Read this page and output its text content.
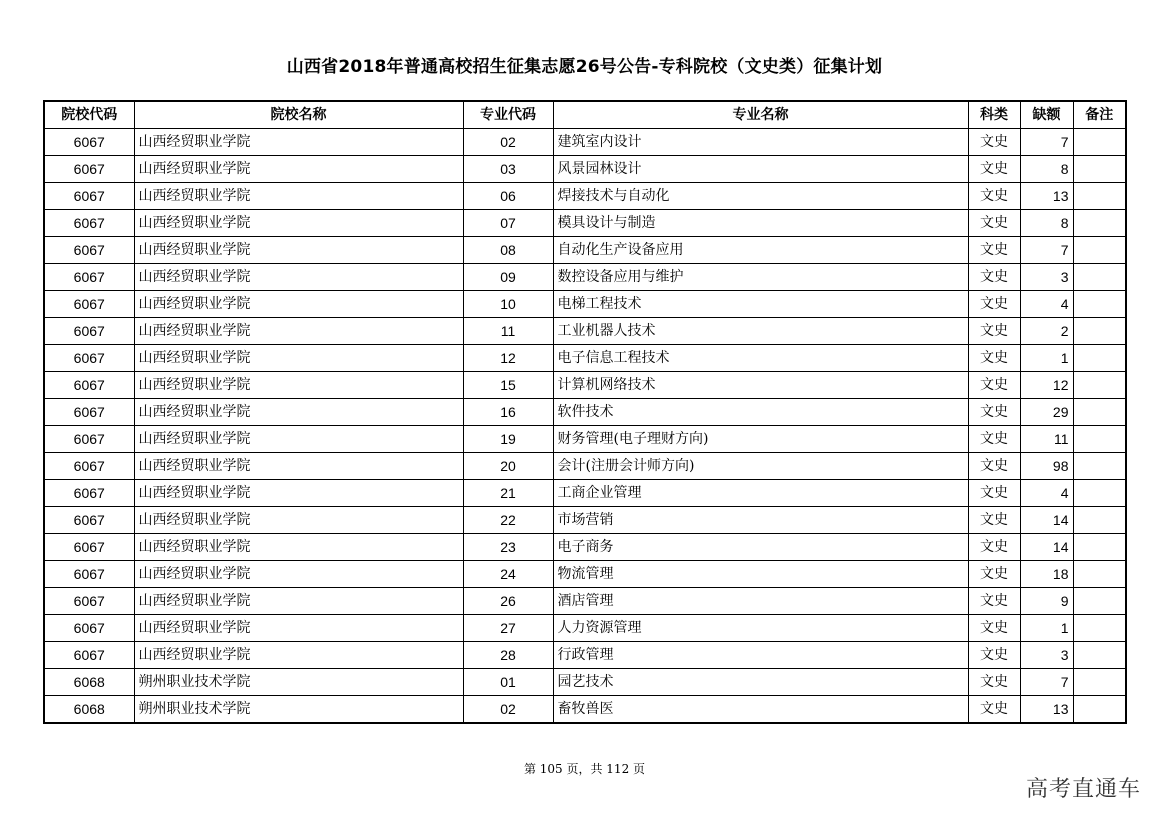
山西省2018年普通高校招生征集志愿26号公告-专科院校（文史类）征集计划
院校代码	院校名称	专业代码	专业名称	科类	缺额	备注
6067	山西经贸职业学院	02	建筑室内设计	文史	7	
6067	山西经贸职业学院	03	风景园林设计	文史	8	
6067	山西经贸职业学院	06	焊接技术与自动化	文史	13	
6067	山西经贸职业学院	07	模具设计与制造	文史	8	
6067	山西经贸职业学院	08	自动化生产设备应用	文史	7	
6067	山西经贸职业学院	09	数控设备应用与维护	文史	3	
6067	山西经贸职业学院	10	电梯工程技术	文史	4	
6067	山西经贸职业学院	11	工业机器人技术	文史	2	
6067	山西经贸职业学院	12	电子信息工程技术	文史	1	
6067	山西经贸职业学院	15	计算机网络技术	文史	12	
6067	山西经贸职业学院	16	软件技术	文史	29	
6067	山西经贸职业学院	19	财务管理(电子理财方向)	文史	11	
6067	山西经贸职业学院	20	会计(注册会计师方向)	文史	98	
6067	山西经贸职业学院	21	工商企业管理	文史	4	
6067	山西经贸职业学院	22	市场营销	文史	14	
6067	山西经贸职业学院	23	电子商务	文史	14	
6067	山西经贸职业学院	24	物流管理	文史	18	
6067	山西经贸职业学院	26	酒店管理	文史	9	
6067	山西经贸职业学院	27	人力资源管理	文史	1	
6067	山西经贸职业学院	28	行政管理	文史	3	
6068	朔州职业技术学院	01	园艺技术	文史	7	
6068	朔州职业技术学院	02	畜牧兽医	文史	13	
第 105 页，共 112 页
高考直通车
